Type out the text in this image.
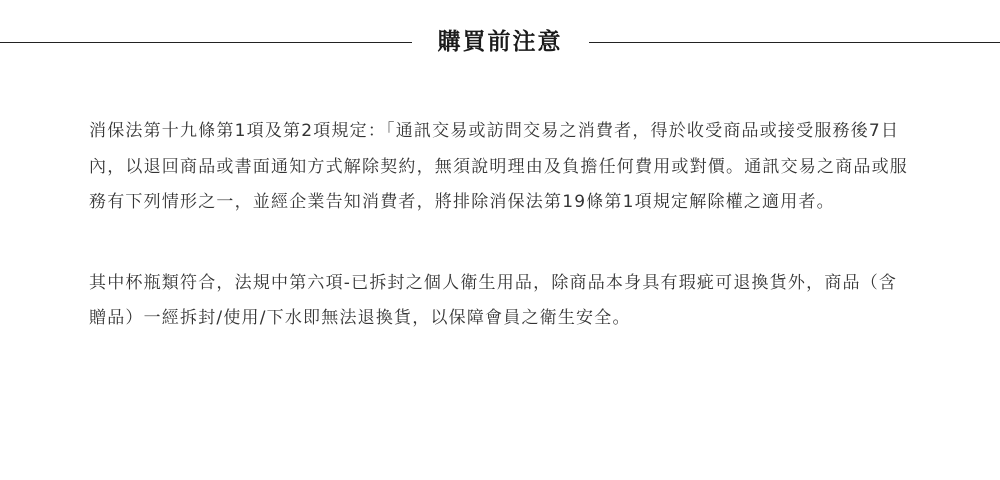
購買前注意

消保法第十九條第1項及第2項規定：「通訊交易或訪問交易之消費者，得於收受商品或接受服務後7日內，以退回商品或書面通知方式解除契約，無須說明理由及負擔任何費用或對價。通訊交易之商品或服務有下列情形之一，並經企業告知消費者，將排除消保法第19條第1項規定解除權之適用者。

其中杯瓶類符合，法規中第六項-已拆封之個人衛生用品，除商品本身具有瑕疵可退換貨外，商品（含贈品）一經拆封/使用/下水即無法退換貨，以保障會員之衛生安全。
